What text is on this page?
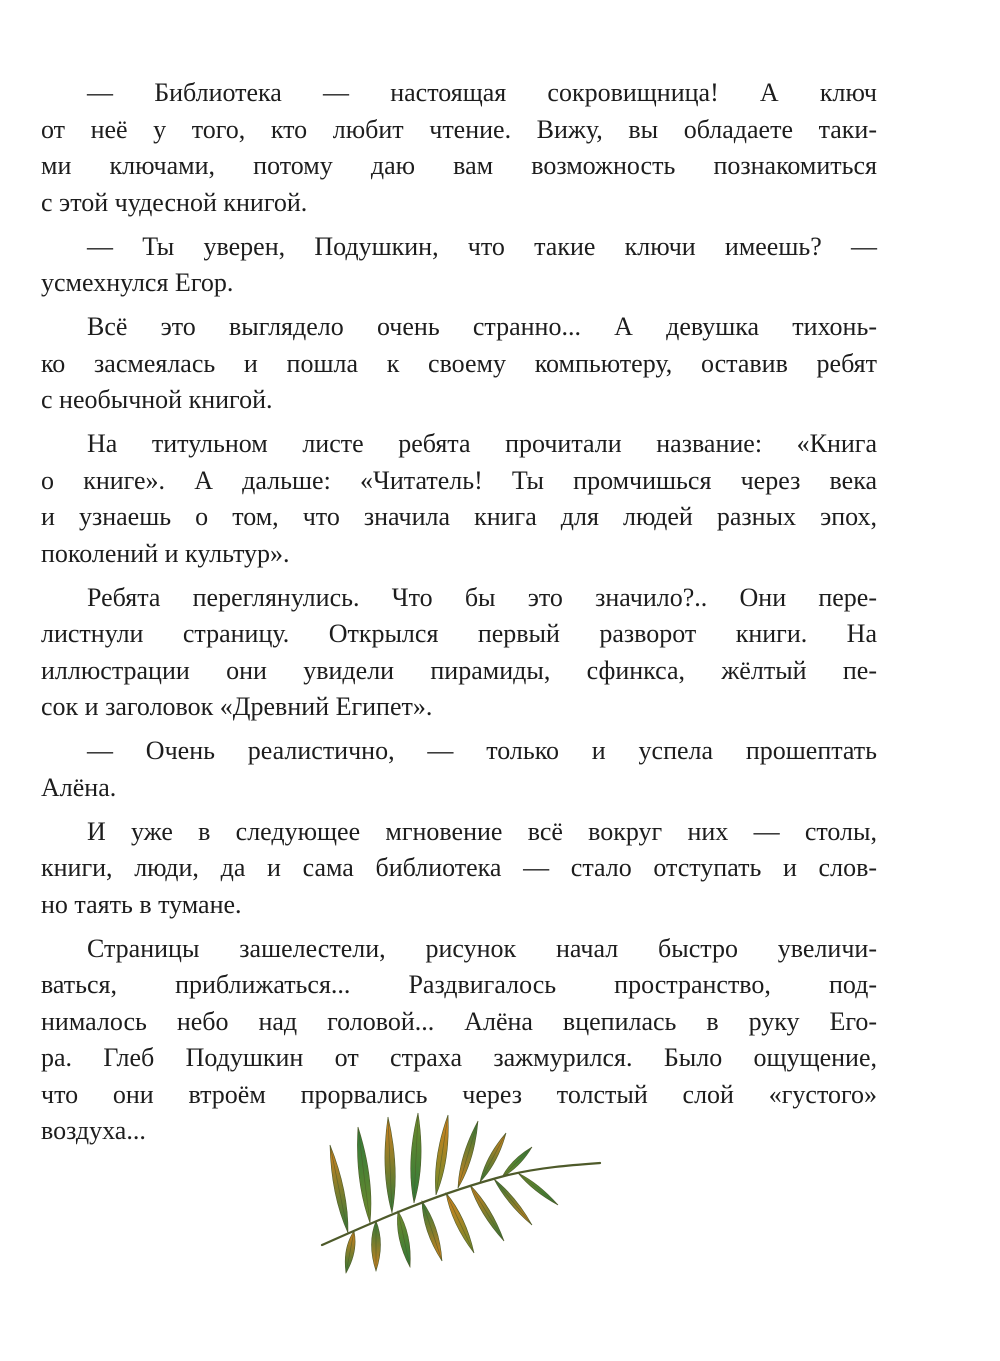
— Библиотека — настоящая сокровищница! А ключ
от неё у того, кто любит чтение. Вижу, вы обладаете таки-
ми ключами, потому даю вам возможность познакомиться
с этой чудесной книгой.
— Ты уверен, Подушкин, что такие ключи имеешь? —
усмехнулся Егор.
Всё это выглядело очень странно... А девушка тихонь-
ко засмеялась и пошла к своему компьютеру, оставив ребят
с необычной книгой.
На титульном листе ребята прочитали название: «Книга
о книге». А дальше: «Читатель! Ты промчишься через века
и узнаешь о том, что значила книга для людей разных эпох,
поколений и культур».
Ребята переглянулись. Что бы это значило?.. Они пере-
листнули страницу. Открылся первый разворот книги. На
иллюстрации они увидели пирамиды, сфинкса, жёлтый пе-
сок и заголовок «Древний Египет».
— Очень реалистично, — только и успела прошептать
Алёна.
И уже в следующее мгновение всё вокруг них — столы,
книги, люди, да и сама библиотека — стало отступать и слов-
но таять в тумане.
Страницы зашелестели, рисунок начал быстро увеличи-
ваться, приближаться... Раздвигалось пространство, под-
нималось небо над головой... Алёна вцепилась в руку Его-
ра. Глеб Подушкин от страха зажмурился. Было ощущение,
что они втроём прорвались через толстый слой «густого»
воздуха...
